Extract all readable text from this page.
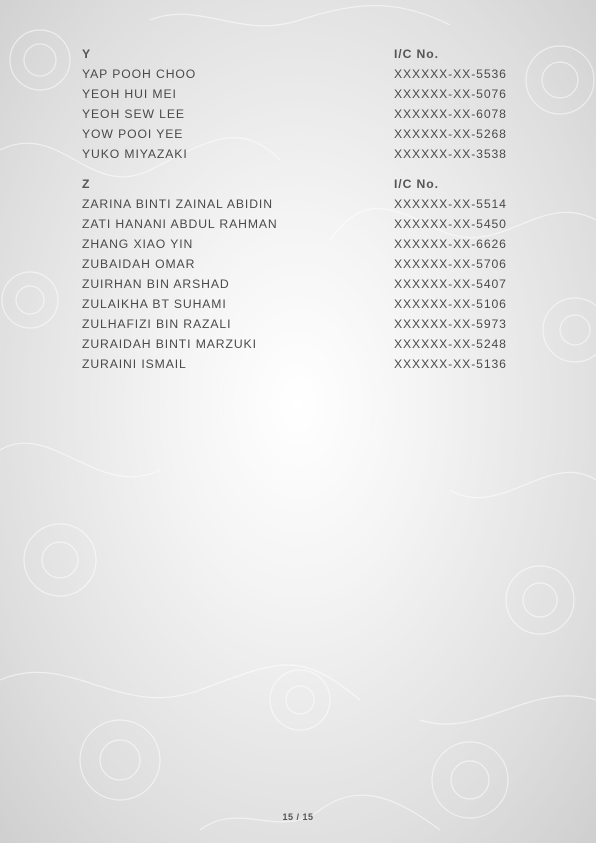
Y	I/C No.
YAP POOH CHOO	XXXXXX-XX-5536
YEOH HUI MEI	XXXXXX-XX-5076
YEOH SEW LEE	XXXXXX-XX-6078
YOW POOI YEE	XXXXXX-XX-5268
YUKO MIYAZAKI	XXXXXX-XX-3538
Z	I/C No.
ZARINA BINTI ZAINAL ABIDIN	XXXXXX-XX-5514
ZATI HANANI ABDUL RAHMAN	XXXXXX-XX-5450
ZHANG XIAO YIN	XXXXXX-XX-6626
ZUBAIDAH OMAR	XXXXXX-XX-5706
ZUIRHAN BIN ARSHAD	XXXXXX-XX-5407
ZULAIKHA BT SUHAMI	XXXXXX-XX-5106
ZULHAFIZI BIN RAZALI	XXXXXX-XX-5973
ZURAIDAH BINTI MARZUKI	XXXXXX-XX-5248
ZURAINI ISMAIL	XXXXXX-XX-5136
15 / 15
